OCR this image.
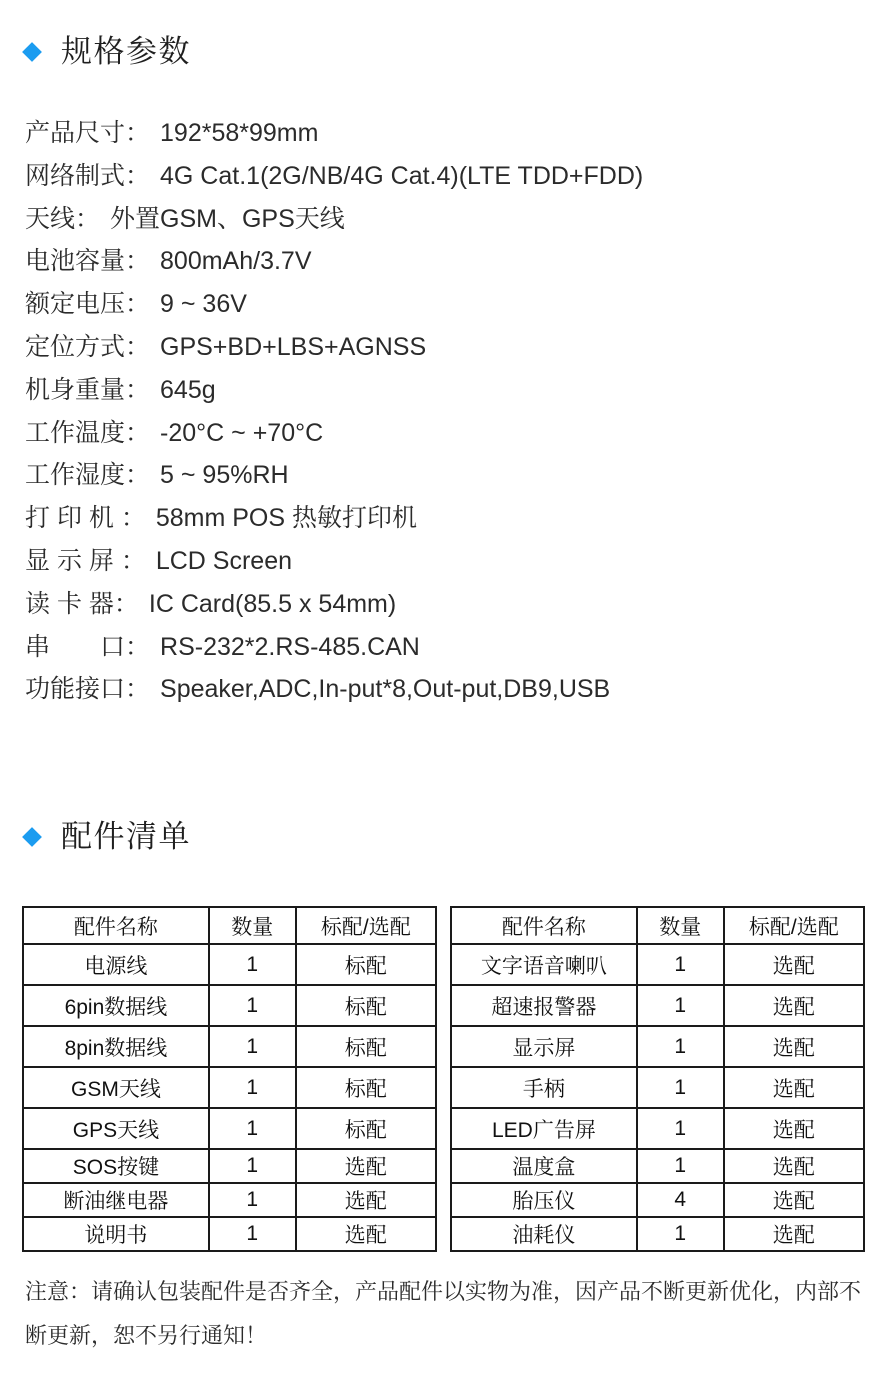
规格参数
产品尺寸： 192*58*99mm
网络制式： 4G Cat.1(2G/NB/4G Cat.4)(LTE TDD+FDD)
天线： 外置GSM、GPS天线
电池容量： 800mAh/3.7V
额定电压： 9 ~ 36V
定位方式： GPS+BD+LBS+AGNSS
机身重量： 645g
工作温度： -20°C ~ +70°C
工作湿度： 5 ~ 95%RH
打 印 机 ： 58mm POS 热敏打印机
显 示 屏 ： LCD Screen
读 卡 器： IC Card(85.5 x 54mm)
串　　口： RS-232*2.RS-485.CAN
功能接口： Speaker,ADC,In-put*8,Out-put,DB9,USB
配件清单
配件名称	数量	标配/选配
电源线	1	标配
6pin数据线	1	标配
8pin数据线	1	标配
GSM天线	1	标配
GPS天线	1	标配
SOS按键	1	选配
断油继电器	1	选配
说明书	1	选配
配件名称	数量	标配/选配
文字语音喇叭	1	选配
超速报警器	1	选配
显示屏	1	选配
手柄	1	选配
LED广告屏	1	选配
温度盒	1	选配
胎压仪	4	选配
油耗仪	1	选配
注意：请确认包装配件是否齐全，产品配件以实物为准，因产品不断更新优化，内部不断更新，恕不另行通知！
